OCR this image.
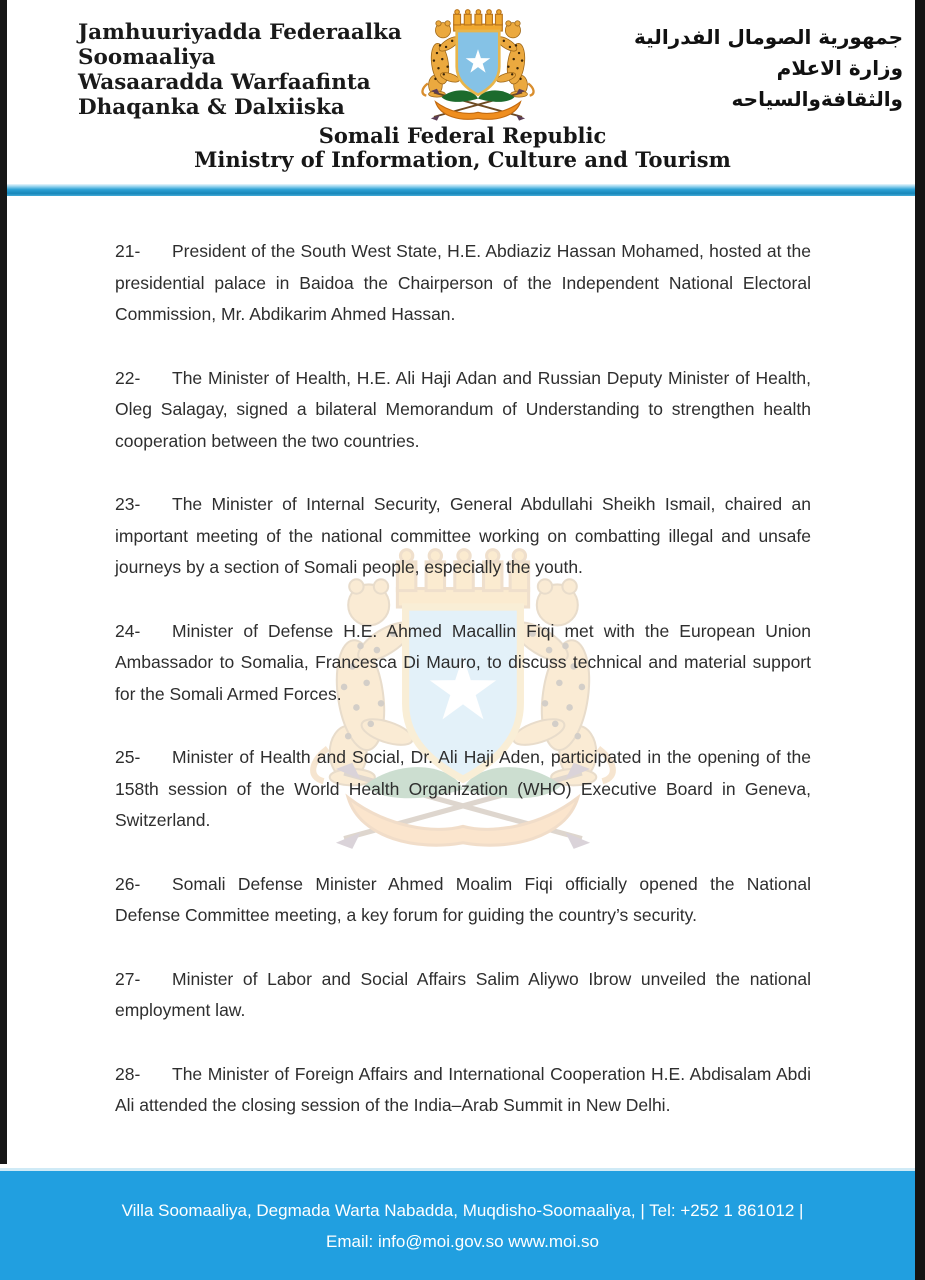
Jamhuuriyadda Federaalka
Soomaaliya
Wasaaradda Warfaafinta
Dhaqanka & Dalxiiska
جمهورية الصومال الفدرالية
وزارة الاعلام
والثقافةوالسياحه
Somali Federal Republic
Ministry of Information, Culture and Tourism

21- President of the South West State, H.E. Abdiaziz Hassan Mohamed, hosted at the presidential palace in Baidoa the Chairperson of the Independent National Electoral Commission, Mr. Abdikarim Ahmed Hassan.

22- The Minister of Health, H.E. Ali Haji Adan and Russian Deputy Minister of Health, Oleg Salagay, signed a bilateral Memorandum of Understanding to strengthen health cooperation between the two countries.

23- The Minister of Internal Security, General Abdullahi Sheikh Ismail, chaired an important meeting of the national committee working on combatting illegal and unsafe journeys by a section of Somali people, especially the youth.

24- Minister of Defense H.E. Ahmed Macallin Fiqi met with the European Union Ambassador to Somalia, Francesca Di Mauro, to discuss technical and material support for the Somali Armed Forces.

25- Minister of Health and Social, Dr. Ali Haji Aden, participated in the opening of the 158th session of the World Health Organization (WHO) Executive Board in Geneva, Switzerland.

26- Somali Defense Minister Ahmed Moalim Fiqi officially opened the National Defense Committee meeting, a key forum for guiding the country’s security.

27- Minister of Labor and Social Affairs Salim Aliywo Ibrow unveiled the national employment law.

28- The Minister of Foreign Affairs and International Cooperation H.E. Abdisalam Abdi Ali attended the closing session of the India–Arab Summit in New Delhi.

Villa Soomaaliya, Degmada Warta Nabadda, Muqdisho-Soomaaliya, | Tel: +252 1 861012 |
Email: info@moi.gov.so www.moi.so
